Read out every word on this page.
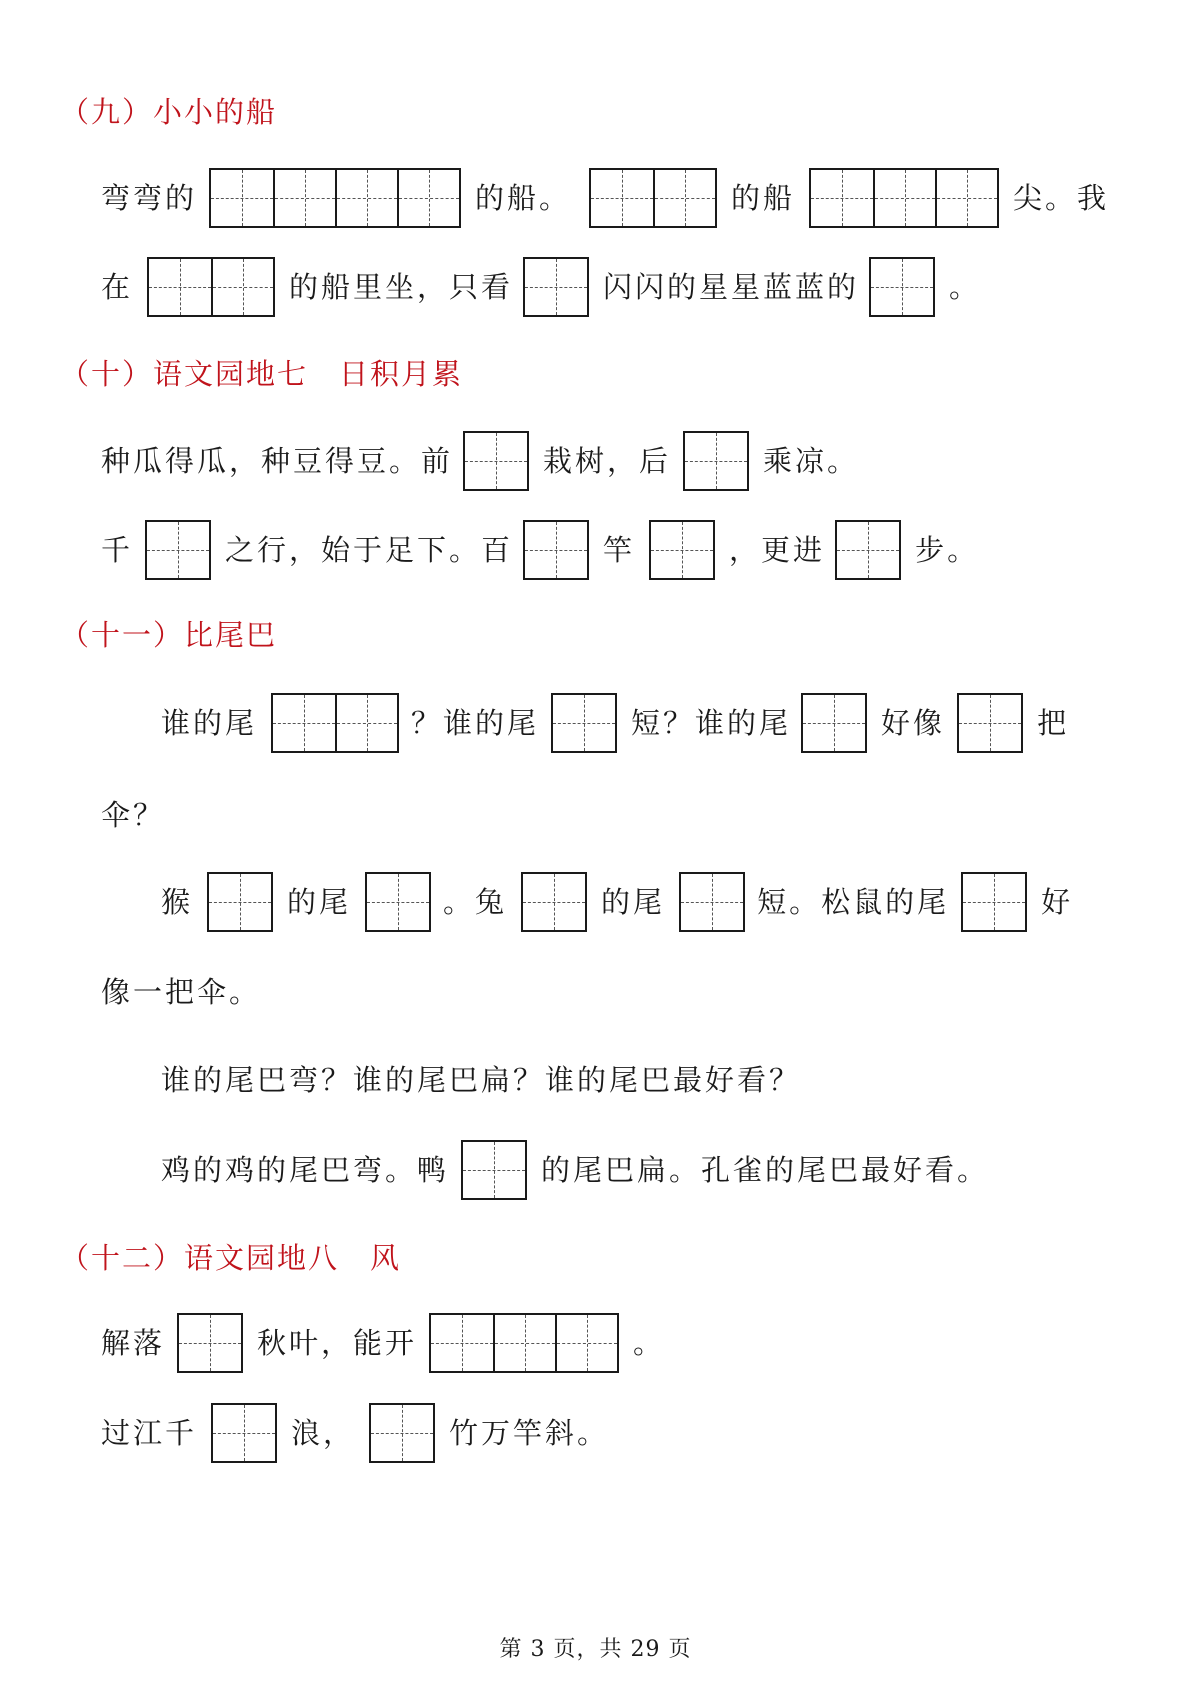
（九）小小的船
弯弯的	的船。	的船	尖。我
在	的船里坐，只看	闪闪的星星蓝蓝的	。
（十）语文园地七　日积月累
种瓜得瓜，种豆得豆。前	栽树，后	乘凉。
千	之行，始于足下。百	竿	，更进	步。
（十一）比尾巴
谁的尾	？谁的尾	短？谁的尾	好像	把
伞？
猴	的尾	。兔	的尾	短。松鼠的尾	好
像一把伞。
谁的尾巴弯？谁的尾巴扁？谁的尾巴最好看？
鸡的鸡的尾巴弯。鸭	的尾巴扁。孔雀的尾巴最好看。
（十二）语文园地八　风
解落	秋叶，能开	。
过江千	浪，	竹万竿斜。
第 3 页，共 29 页
